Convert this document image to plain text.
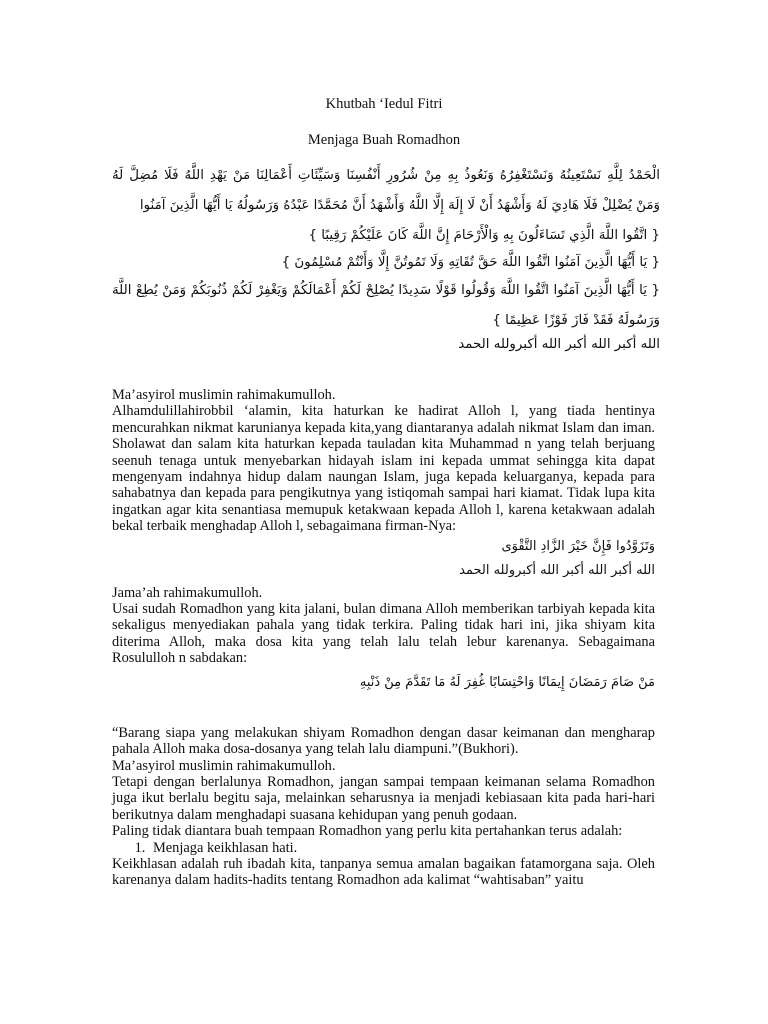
Khutbah ‘Iedul Fitri
Menjaga Buah Romadhon
الْحَمْدُ لِلَّهِ نَسْتَعِينُهُ وَنَسْتَغْفِرُهُ وَنَعُوذُ بِهِ مِنْ شُرُورِ أَنْفُسِنَا وَسَيِّئَاتِ أَعْمَالِنَا مَنْ يَهْدِ اللَّهُ فَلَا مُضِلَّ لَهُ وَمَنْ يُضْلِلْ فَلَا هَادِيَ لَهُ وَأَشْهَدُ أَنْ لَا إِلَهَ إِلَّا اللَّهُ وَأَشْهَدُ أَنَّ مُحَمَّدًا عَبْدُهُ وَرَسُولُهُ يَا أَيُّهَا الَّذِينَ آمَنُوا
{ اتَّقُوا اللَّهَ الَّذِي تَسَاءَلُونَ بِهِ وَالْأَرْحَامَ إِنَّ اللَّهَ كَانَ عَلَيْكُمْ رَقِيبًا }
{ يَا أَيُّهَا الَّذِينَ آمَنُوا اتَّقُوا اللَّهَ حَقَّ تُقَاتِهِ وَلَا تَمُوتُنَّ إِلَّا وَأَنْتُمْ مُسْلِمُونَ }
{ يَا أَيُّهَا الَّذِينَ آمَنُوا اتَّقُوا اللَّهَ وَقُولُوا قَوْلًا سَدِيدًا يُصْلِحْ لَكُمْ أَعْمَالَكُمْ وَيَغْفِرْ لَكُمْ ذُنُوبَكُمْ وَمَنْ يُطِعْ اللَّهَ وَرَسُولَهُ فَقَدْ فَازَ فَوْزًا عَظِيمًا }
الله أكبر الله أكبر الله أكبرولله الحمد

Ma’asyirol muslimin rahimakumulloh.

Alhamdulillahirobbil ‘alamin, kita haturkan ke hadirat Alloh l, yang tiada hentinya mencurahkan nikmat karunianya kepada kita,yang diantaranya adalah nikmat Islam dan iman. Sholawat dan salam kita haturkan kepada tauladan kita Muhammad n yang telah berjuang seenuh tenaga untuk menyebarkan hidayah islam ini kepada ummat sehingga kita dapat mengenyam indahnya hidup dalam naungan Islam, juga kepada keluarganya, kepada para sahabatnya dan kepada para pengikutnya yang istiqomah sampai hari kiamat. Tidak lupa kita ingatkan agar kita senantiasa memupuk ketakwaan kepada Alloh l, karena ketakwaan adalah bekal terbaik menghadap Alloh l, sebagaimana firman-Nya:

وَتَزَوَّدُوا فَإِنَّ خَيْرَ الزَّادِ التَّقْوَى
الله أكبر الله أكبر الله أكبرولله الحمد

Jama’ah rahimakumulloh.

Usai sudah Romadhon yang kita jalani, bulan dimana Alloh memberikan tarbiyah kepada kita sekaligus menyediakan pahala yang tidak terkira. Paling tidak hari ini, jika shiyam kita diterima Alloh, maka dosa kita yang telah lalu telah lebur karenanya. Sebagaimana Rosululloh n sabdakan:

مَنْ صَامَ رَمَضَانَ إِيمَانًا وَاحْتِسَابًا غُفِرَ لَهُ مَا تَقَدَّمَ مِنْ ذَنْبِهِ

“Barang siapa yang melakukan shiyam Romadhon dengan dasar keimanan dan mengharap pahala Alloh maka dosa-dosanya yang telah lalu diampuni.”(Bukhori).

Ma’asyirol muslimin rahimakumulloh.

Tetapi dengan berlalunya Romadhon, jangan sampai tempaan keimanan selama Romadhon juga ikut berlalu begitu saja, melainkan seharusnya ia menjadi kebiasaan kita pada hari-hari berikutnya dalam menghadapi suasana kehidupan yang penuh godaan.

Paling tidak diantara buah tempaan Romadhon yang perlu kita pertahankan terus adalah:

1. Menjaga keikhlasan hati.

Keikhlasan adalah ruh ibadah kita, tanpanya semua amalan bagaikan fatamorgana saja. Oleh karenanya dalam hadits-hadits tentang Romadhon ada kalimat “wahtisaban” yaitu
